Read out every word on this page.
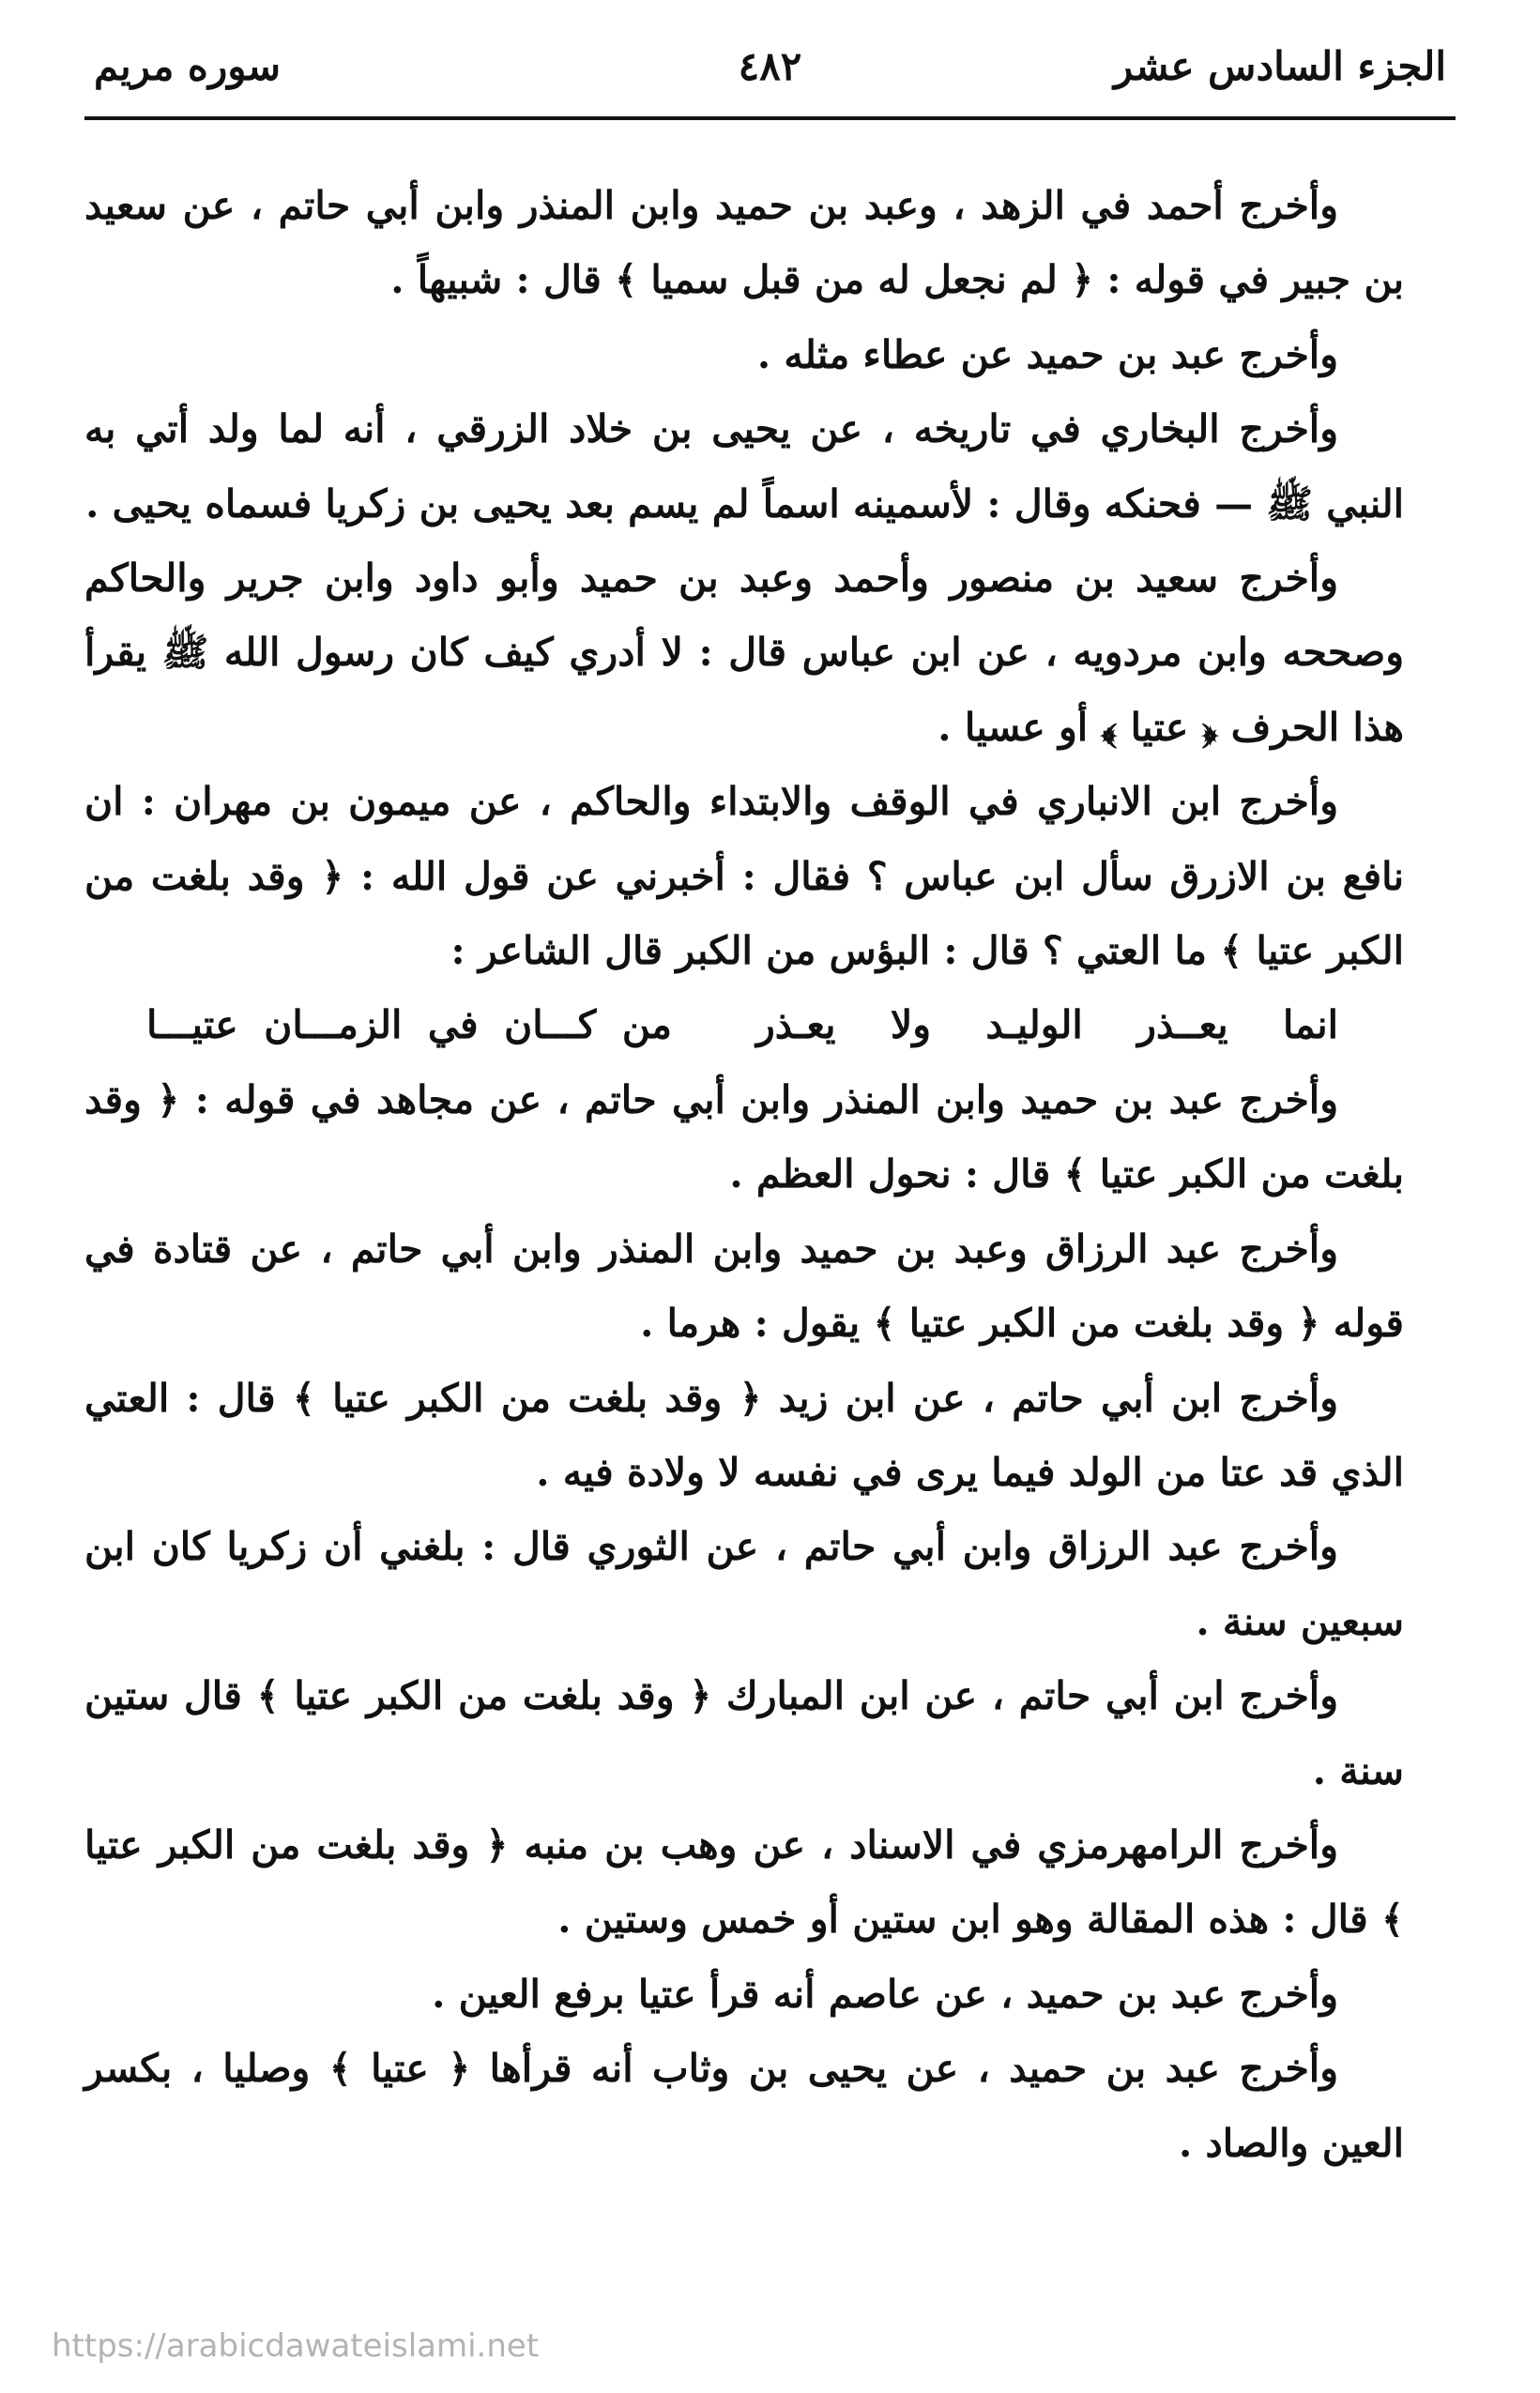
الجزء السادس عشر
٤٨٢
سوره مريم

وأخرج أحمد في الزهد ، وعبد بن حميد وابن المنذر وابن أبي حاتم ، عن سعيد بن جبير في قوله : ﴿ لم نجعل له من قبل سميا ﴾ قال : شبيهاً .

وأخرج عبد بن حميد عن عطاء مثله .

وأخرج البخاري في تاريخه ، عن يحيى بن خلاد الزرقي ، أنه لما ولد أتي به النبي ﷺ — فحنكه وقال : لأسمينه اسماً لم يسم بعد يحيى بن زكريا فسماه يحيى .

وأخرج سعيد بن منصور وأحمد وعبد بن حميد وأبو داود وابن جرير والحاكم وصححه وابن مردويه ، عن ابن عباس قال : لا أدري كيف كان رسول الله ﷺ يقرأ هذا الحرف ﴿ عتيا ﴾ أو عسيا .

وأخرج ابن الانباري في الوقف والابتداء والحاكم ، عن ميمون بن مهران : ان نافع بن الازرق سأل ابن عباس ؟ فقال : أخبرني عن قول الله : ﴿ وقد بلغت من الكبر عتيا ﴾ ما العتي ؟ قال : البؤس من الكبر قال الشاعر :

انما يعــذر الوليـد ولا يعـذرمن كـــان في الزمـــان عتيـــا

وأخرج عبد بن حميد وابن المنذر وابن أبي حاتم ، عن مجاهد في قوله : ﴿ وقد بلغت من الكبر عتيا ﴾ قال : نحول العظم .

وأخرج عبد الرزاق وعبد بن حميد وابن المنذر وابن أبي حاتم ، عن قتادة في قوله ﴿ وقد بلغت من الكبر عتيا ﴾ يقول : هرما .

وأخرج ابن أبي حاتم ، عن ابن زيد ﴿ وقد بلغت من الكبر عتيا ﴾ قال : العتي الذي قد عتا من الولد فيما يرى في نفسه لا ولادة فيه .

وأخرج عبد الرزاق وابن أبي حاتم ، عن الثوري قال : بلغني أن زكريا كان ابن سبعين سنة .

وأخرج ابن أبي حاتم ، عن ابن المبارك ﴿ وقد بلغت من الكبر عتيا ﴾ قال ستين سنة .

وأخرج الرامهرمزي في الاسناد ، عن وهب بن منبه ﴿ وقد بلغت من الكبر عتيا ﴾ قال : هذه المقالة وهو ابن ستين أو خمس وستين .

وأخرج عبد بن حميد ، عن عاصم أنه قرأ عتيا برفع العين .

وأخرج عبد بن حميد ، عن يحيى بن وثاب أنه قرأها ﴿ عتيا ﴾ وصليا ، بكسر العين والصاد .

https://arabicdawateislami.net
